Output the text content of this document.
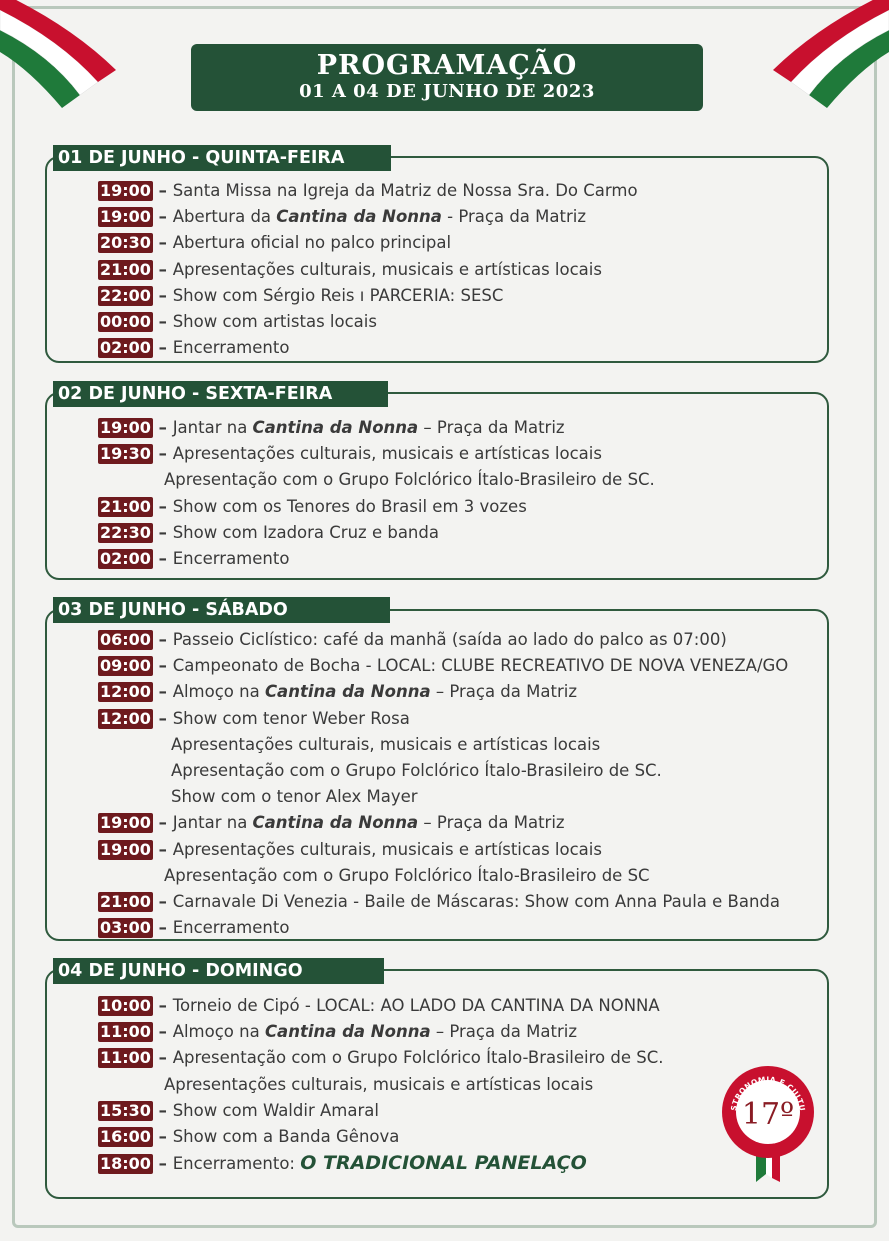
PROGRAMAÇÃO
01 A 04 DE JUNHO DE 2023
01 DE JUNHO - QUINTA-FEIRA
02 DE JUNHO - SEXTA-FEIRA
03 DE JUNHO - SÁBADO
04 DE JUNHO - DOMINGO
19:00 – Santa Missa na Igreja da Matriz de Nossa Sra. Do Carmo
19:00 – Abertura da Cantina da Nonna - Praça da Matriz
20:30 – Abertura oficial no palco principal
21:00 – Apresentações culturais, musicais e artísticas locais
22:00 – Show com Sérgio Reis ı PARCERIA: SESC
00:00 – Show com artistas locais
02:00 – Encerramento
19:00 – Jantar na Cantina da Nonna – Praça da Matriz
19:30 – Apresentações culturais, musicais e artísticas locais
Apresentação com o Grupo Folclórico Ítalo-Brasileiro de SC.
21:00 – Show com os Tenores do Brasil em 3 vozes
22:30 – Show com Izadora Cruz e banda
02:00 – Encerramento
06:00 – Passeio Ciclístico: café da manhã (saída ao lado do palco as 07:00)
09:00 – Campeonato de Bocha - LOCAL: CLUBE RECREATIVO DE NOVA VENEZA/GO
12:00 – Almoço na Cantina da Nonna – Praça da Matriz
12:00 – Show com tenor Weber Rosa
Apresentações culturais, musicais e artísticas locais
Apresentação com o Grupo Folclórico Ítalo-Brasileiro de SC.
Show com o tenor Alex Mayer
19:00 – Jantar na Cantina da Nonna – Praça da Matriz
19:00 – Apresentações culturais, musicais e artísticas locais
Apresentação com o Grupo Folclórico Ítalo-Brasileiro de SC
21:00 – Carnavale Di Venezia - Baile de Máscaras: Show com Anna Paula e Banda
03:00 – Encerramento
10:00 – Torneio de Cipó - LOCAL: AO LADO DA CANTINA DA NONNA
11:00 – Almoço na Cantina da Nonna – Praça da Matriz
11:00 – Apresentação com o Grupo Folclórico Ítalo-Brasileiro de SC.
Apresentações culturais, musicais e artísticas locais
15:30 – Show com Waldir Amaral
16:00 – Show com a Banda Gênova
18:00 – Encerramento: O TRADICIONAL PANELAÇO
STRONOMIA E CULTU
17º
